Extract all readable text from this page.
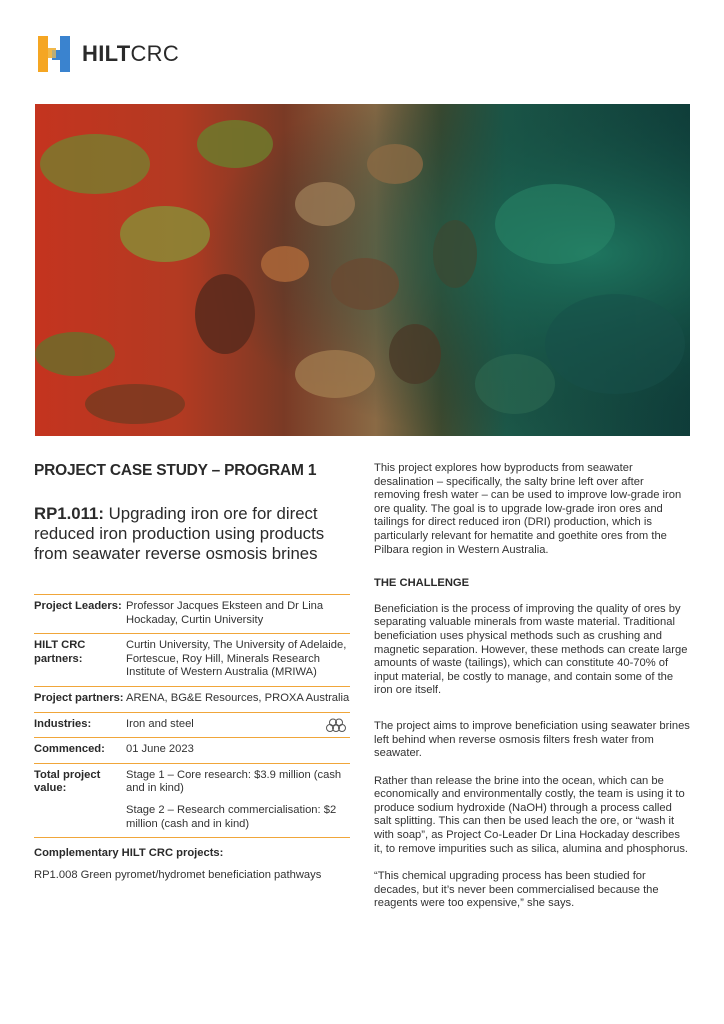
HILTCRC
PROJECT CASE STUDY – PROGRAM 1
RP1.011: Upgrading iron ore for direct reduced iron production using products from seawater reverse osmosis brines
Project Leaders: Professor Jacques Eksteen and Dr Lina Hockaday, Curtin University

HILT CRC partners:

Curtin University, The University of Adelaide, Fortescue, Roy Hill, Minerals Research Institute of Western Australia (MRIWA)

Project partners: ARENA, BG&E Resources, PROXA Australia

Industries:	Iron and steel

Commenced:	01 June 2023

Total project value:

Stage 1 – Core research: $3.9 million (cash and in kind)

Stage 2 – Research commercialisation: $2 million (cash and in kind)

Complementary HILT CRC projects:
RP1.008 Green pyromet/hydromet beneficiation pathways

This project explores how byproducts from seawater desalination – specifically, the salty brine left over after removing fresh water – can be used to improve low-grade iron ore quality. The goal is to upgrade low-grade iron ores and tailings for direct reduced iron (DRI) production, which is particularly relevant for hematite and goethite ores from the Pilbara region in Western Australia.

THE CHALLENGE

Beneficiation is the process of improving the quality of ores by separating valuable minerals from waste material. Traditional beneficiation uses physical methods such as crushing and magnetic separation. However, these methods can create large amounts of waste (tailings), which can constitute 40-70% of input material, be costly to manage, and contain some of the iron ore itself.

The project aims to improve beneficiation using seawater brines left behind when reverse osmosis filters fresh water from seawater.

Rather than release the brine into the ocean, which can be economically and environmentally costly, the team is using it to produce sodium hydroxide (NaOH) through a process called salt splitting. This can then be used leach the ore, or “wash it with soap”, as Project Co-Leader Dr Lina Hockaday describes it, to remove impurities such as silica, alumina and phosphorus.

“This chemical upgrading process has been studied for decades, but it’s never been commercialised because the reagents were too expensive,” she says.
